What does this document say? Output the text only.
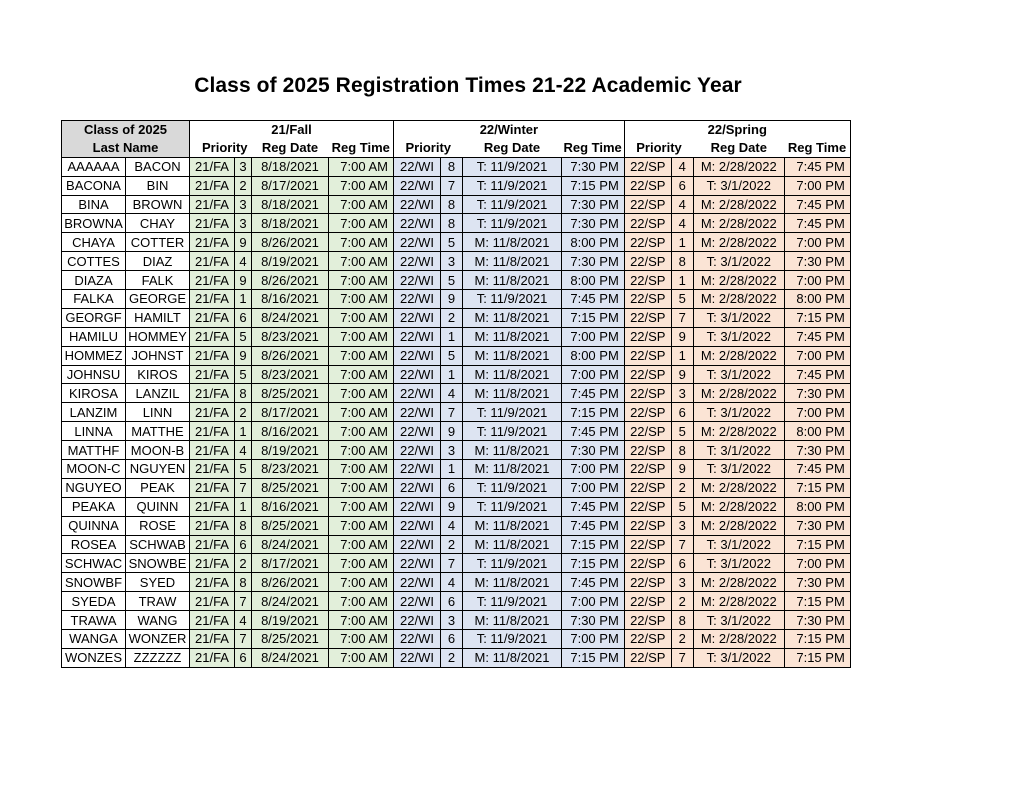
Class of 2025 Registration Times 21-22 Academic Year
Class of 2025		21/Fall				22/Winter				22/Spring			
Last Name		Priority		Reg Date	Reg Time	Priority		Reg Date	Reg Time	Priority		Reg Date	Reg Time
AAAAAA	BACON	21/FA	3	8/18/2021	7:00 AM	22/WI	8	T: 11/9/2021	7:30 PM	22/SP	4	M: 2/28/2022	7:45 PM
BACONA	BIN	21/FA	2	8/17/2021	7:00 AM	22/WI	7	T: 11/9/2021	7:15 PM	22/SP	6	T: 3/1/2022	7:00 PM
BINA	BROWN	21/FA	3	8/18/2021	7:00 AM	22/WI	8	T: 11/9/2021	7:30 PM	22/SP	4	M: 2/28/2022	7:45 PM
BROWNA	CHAY	21/FA	3	8/18/2021	7:00 AM	22/WI	8	T: 11/9/2021	7:30 PM	22/SP	4	M: 2/28/2022	7:45 PM
CHAYA	COTTER	21/FA	9	8/26/2021	7:00 AM	22/WI	5	M: 11/8/2021	8:00 PM	22/SP	1	M: 2/28/2022	7:00 PM
COTTES	DIAZ	21/FA	4	8/19/2021	7:00 AM	22/WI	3	M: 11/8/2021	7:30 PM	22/SP	8	T: 3/1/2022	7:30 PM
DIAZA	FALK	21/FA	9	8/26/2021	7:00 AM	22/WI	5	M: 11/8/2021	8:00 PM	22/SP	1	M: 2/28/2022	7:00 PM
FALKA	GEORGE	21/FA	1	8/16/2021	7:00 AM	22/WI	9	T: 11/9/2021	7:45 PM	22/SP	5	M: 2/28/2022	8:00 PM
GEORGF	HAMILT	21/FA	6	8/24/2021	7:00 AM	22/WI	2	M: 11/8/2021	7:15 PM	22/SP	7	T: 3/1/2022	7:15 PM
HAMILU	HOMMEY	21/FA	5	8/23/2021	7:00 AM	22/WI	1	M: 11/8/2021	7:00 PM	22/SP	9	T: 3/1/2022	7:45 PM
HOMMEZ	JOHNST	21/FA	9	8/26/2021	7:00 AM	22/WI	5	M: 11/8/2021	8:00 PM	22/SP	1	M: 2/28/2022	7:00 PM
JOHNSU	KIROS	21/FA	5	8/23/2021	7:00 AM	22/WI	1	M: 11/8/2021	7:00 PM	22/SP	9	T: 3/1/2022	7:45 PM
KIROSA	LANZIL	21/FA	8	8/25/2021	7:00 AM	22/WI	4	M: 11/8/2021	7:45 PM	22/SP	3	M: 2/28/2022	7:30 PM
LANZIM	LINN	21/FA	2	8/17/2021	7:00 AM	22/WI	7	T: 11/9/2021	7:15 PM	22/SP	6	T: 3/1/2022	7:00 PM
LINNA	MATTHE	21/FA	1	8/16/2021	7:00 AM	22/WI	9	T: 11/9/2021	7:45 PM	22/SP	5	M: 2/28/2022	8:00 PM
MATTHF	MOON-B	21/FA	4	8/19/2021	7:00 AM	22/WI	3	M: 11/8/2021	7:30 PM	22/SP	8	T: 3/1/2022	7:30 PM
MOON-C	NGUYEN	21/FA	5	8/23/2021	7:00 AM	22/WI	1	M: 11/8/2021	7:00 PM	22/SP	9	T: 3/1/2022	7:45 PM
NGUYEO	PEAK	21/FA	7	8/25/2021	7:00 AM	22/WI	6	T: 11/9/2021	7:00 PM	22/SP	2	M: 2/28/2022	7:15 PM
PEAKA	QUINN	21/FA	1	8/16/2021	7:00 AM	22/WI	9	T: 11/9/2021	7:45 PM	22/SP	5	M: 2/28/2022	8:00 PM
QUINNA	ROSE	21/FA	8	8/25/2021	7:00 AM	22/WI	4	M: 11/8/2021	7:45 PM	22/SP	3	M: 2/28/2022	7:30 PM
ROSEA	SCHWAB	21/FA	6	8/24/2021	7:00 AM	22/WI	2	M: 11/8/2021	7:15 PM	22/SP	7	T: 3/1/2022	7:15 PM
SCHWAC	SNOWBE	21/FA	2	8/17/2021	7:00 AM	22/WI	7	T: 11/9/2021	7:15 PM	22/SP	6	T: 3/1/2022	7:00 PM
SNOWBF	SYED	21/FA	8	8/26/2021	7:00 AM	22/WI	4	M: 11/8/2021	7:45 PM	22/SP	3	M: 2/28/2022	7:30 PM
SYEDA	TRAW	21/FA	7	8/24/2021	7:00 AM	22/WI	6	T: 11/9/2021	7:00 PM	22/SP	2	M: 2/28/2022	7:15 PM
TRAWA	WANG	21/FA	4	8/19/2021	7:00 AM	22/WI	3	M: 11/8/2021	7:30 PM	22/SP	8	T: 3/1/2022	7:30 PM
WANGA	WONZER	21/FA	7	8/25/2021	7:00 AM	22/WI	6	T: 11/9/2021	7:00 PM	22/SP	2	M: 2/28/2022	7:15 PM
WONZES	ZZZZZZ	21/FA	6	8/24/2021	7:00 AM	22/WI	2	M: 11/8/2021	7:15 PM	22/SP	7	T: 3/1/2022	7:15 PM
